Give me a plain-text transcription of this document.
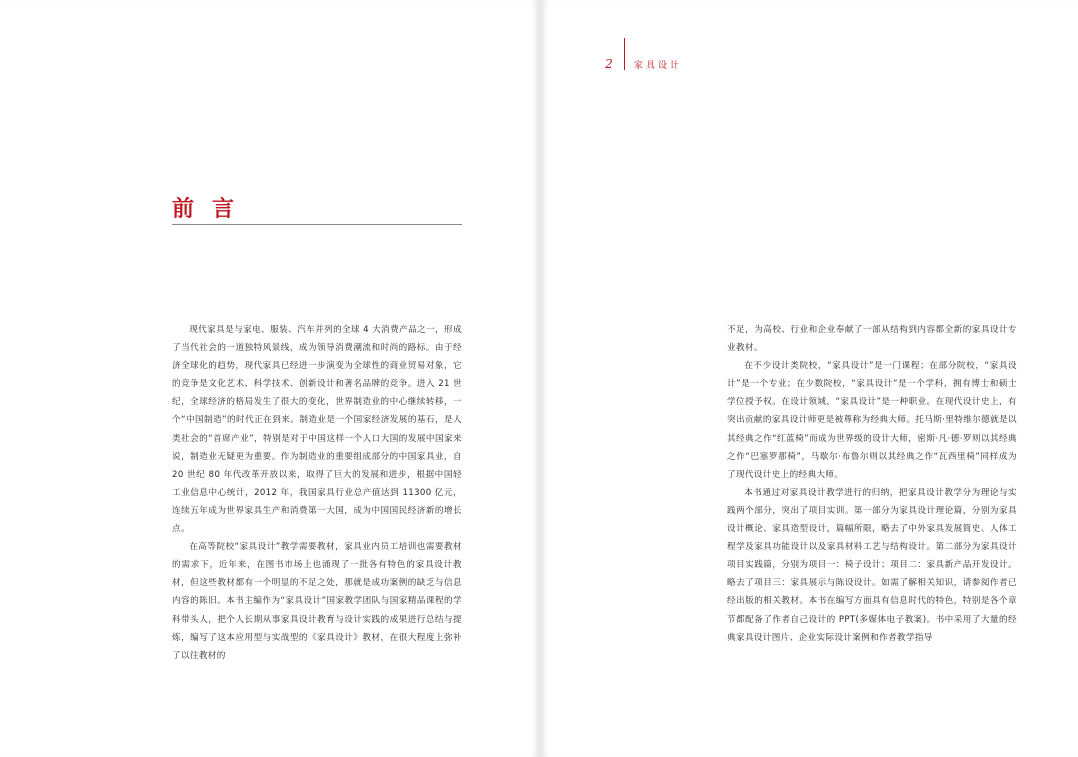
前言

现代家具是与家电、服装、汽车并列的全球 4 大消费产品之一，形成了当代社会的一道独特风景线，成为领导消费潮流和时尚的路标。由于经济全球化的趋势，现代家具已经进一步演变为全球性的商业贸易对象，它的竞争是文化艺术、科学技术、创新设计和著名品牌的竞争。进入 21 世纪，全球经济的格局发生了很大的变化，世界制造业的中心继续转移，一个“中国制造”的时代正在到来。制造业是一个国家经济发展的基石，是人类社会的“首席产业”，特别是对于中国这样一个人口大国的发展中国家来说，制造业无疑更为重要。作为制造业的重要组成部分的中国家具业，自 20 世纪 80 年代改革开放以来，取得了巨大的发展和进步，根据中国轻工业信息中心统计，2012 年，我国家具行业总产值达到 11300 亿元，连续五年成为世界家具生产和消费第一大国，成为中国国民经济新的增长点。

在高等院校“家具设计”教学需要教材，家具业内员工培训也需要教材的需求下，近年来，在图书市场上也涌现了一批各有特色的家具设计教材，但这些教材都有一个明显的不足之处，那就是成功案例的缺乏与信息内容的陈旧。本书主编作为“家具设计”国家教学团队与国家精品课程的学科带头人，把个人长期从事家具设计教育与设计实践的成果进行总结与提炼，编写了这本应用型与实战型的《家具设计》教材，在很大程度上弥补了以往教材的

2	家具设计

不足，为高校、行业和企业奉献了一部从结构到内容都全新的家具设计专业教材。

在不少设计类院校，“家具设计”是一门课程；在部分院校，“家具设计”是一个专业；在少数院校，“家具设计”是一个学科，拥有博士和硕士学位授予权。在设计领域，“家具设计”是一种职业。在现代设计史上，有突出贡献的家具设计师更是被尊称为经典大师。托马斯·里特维尔德就是以其经典之作“红蓝椅”而成为世界级的设计大师，密斯·凡·德·罗则以其经典之作“巴塞罗那椅”，马歇尔·布鲁尔则以其经典之作“瓦西里椅”同样成为了现代设计史上的经典大师。

本书通过对家具设计教学进行的归纳，把家具设计教学分为理论与实践两个部分，突出了项目实训。第一部分为家具设计理论篇，分别为家具设计概论、家具造型设计，篇幅所限，略去了中外家具发展简史、人体工程学及家具功能设计以及家具材料工艺与结构设计。第二部分为家具设计项目实践篇，分别为项目一：椅子设计；项目二：家具新产品开发设计。略去了项目三：家具展示与陈设设计。如需了解相关知识，请参阅作者已经出版的相关教材。本书在编写方面具有信息时代的特色，特别是各个章节都配备了作者自己设计的 PPT(多媒体电子教案)。书中采用了大量的经典家具设计图片、企业实际设计案例和作者教学指导
